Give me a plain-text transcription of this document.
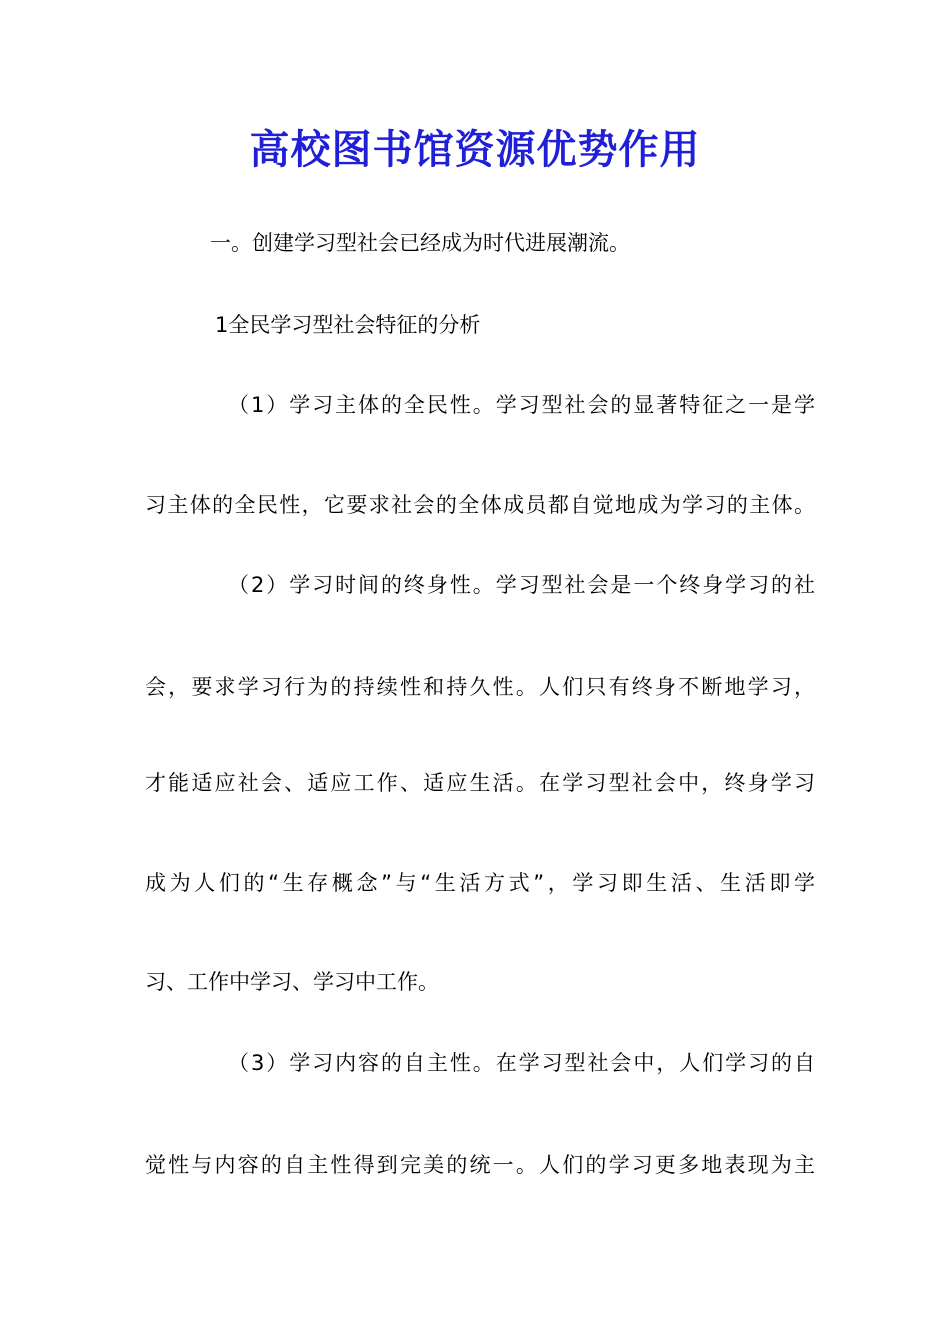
高校图书馆资源优势作用

一。创建学习型社会已经成为时代进展潮流。

1全民学习型社会特征的分析

（1）学习主体的全民性。学习型社会的显著特征之一是学

习主体的全民性，它要求社会的全体成员都自觉地成为学习的主体。

（2）学习时间的终身性。学习型社会是一个终身学习的社

会，要求学习行为的持续性和持久性。人们只有终身不断地学习，

才能适应社会、适应工作、适应生活。在学习型社会中，终身学习

成为人们的“生存概念”与“生活方式”，学习即生活、生活即学

习、工作中学习、学习中工作。

（3）学习内容的自主性。在学习型社会中，人们学习的自

觉性与内容的自主性得到完美的统一。人们的学习更多地表现为主
